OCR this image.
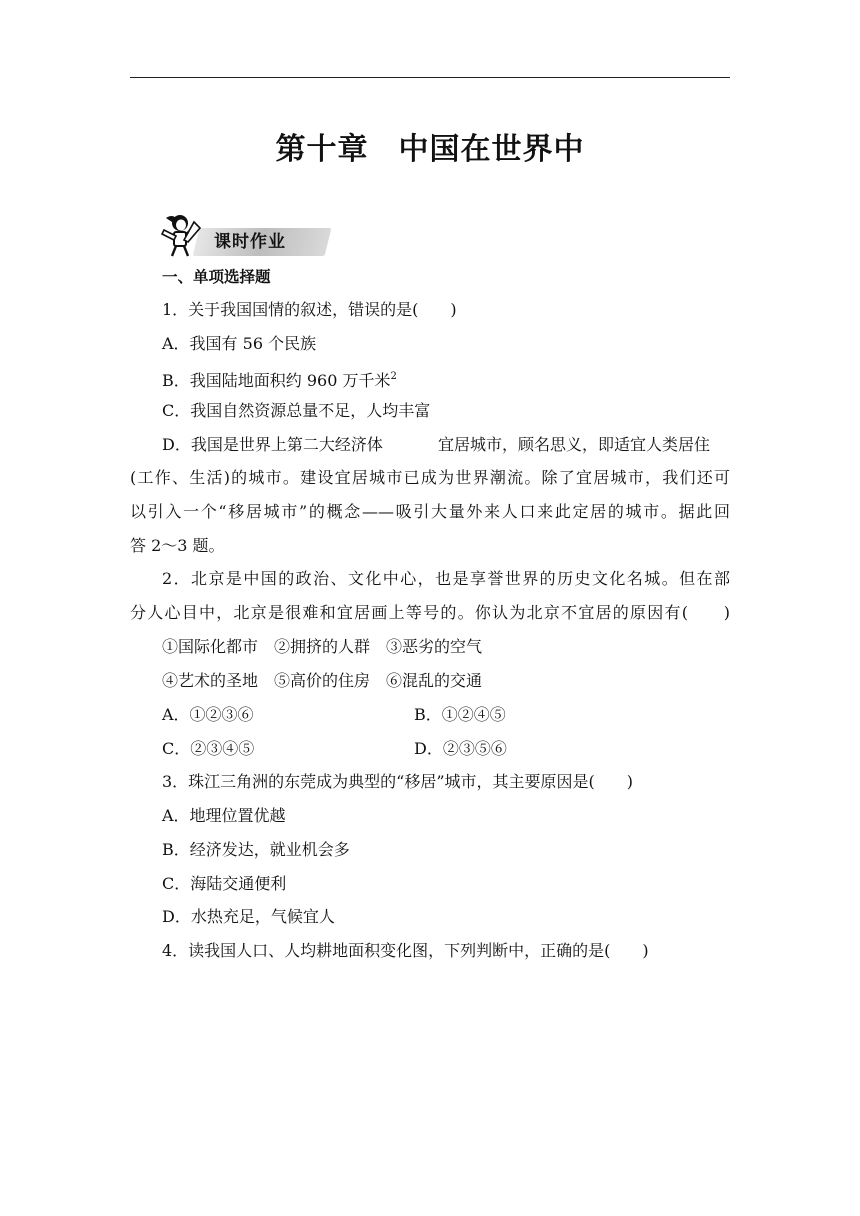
第十章 中国在世界中
课时作业

一、单项选择题

1．关于我国国情的叙述，错误的是(　　)

A．我国有 56 个民族

B．我国陆地面积约 960 万千米$^2$

C．我国自然资源总量不足，人均丰富

D．我国是世界上第二大经济体	宜居城市，顾名思义，即适宜人类居住

(工作、生活)的城市。建设宜居城市已成为世界潮流。除了宜居城市，我们还可

以引入一个“移居城市”的概念——吸引大量外来人口来此定居的城市。据此回

答 2～3 题。

2．北京是中国的政治、文化中心，也是享誉世界的历史文化名城。但在部

分人心目中，北京是很难和宜居画上等号的。你认为北京不宜居的原因有(　　)

①国际化都市　②拥挤的人群　③恶劣的空气

④艺术的圣地　⑤高价的住房　⑥混乱的交通

A．①②③⑥	B．①②④⑤

C．②③④⑤	D．②③⑤⑥

3．珠江三角洲的东莞成为典型的“移居”城市，其主要原因是(　　)

A．地理位置优越

B．经济发达，就业机会多

C．海陆交通便利

D．水热充足，气候宜人

4．读我国人口、人均耕地面积变化图，下列判断中，正确的是(　　)
